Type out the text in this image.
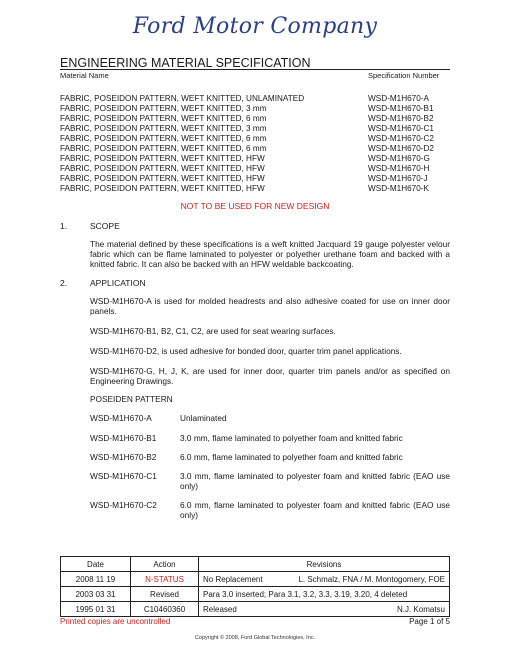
Ford Motor Company
ENGINEERING MATERIAL SPECIFICATION
Material Name	Specification Number
FABRIC, POSEIDON PATTERN, WEFT KNITTED, UNLAMINATED	WSD-M1H670-A
FABRIC, POSEIDON PATTERN, WEFT KNITTED, 3 mm	WSD-M1H670-B1
FABRIC, POSEIDON PATTERN, WEFT KNITTED, 6 mm	WSD-M1H670-B2
FABRIC, POSEIDON PATTERN, WEFT KNITTED, 3 mm	WSD-M1H670-C1
FABRIC, POSEIDON PATTERN, WEFT KNITTED, 6 mm	WSD-M1H670-C2
FABRIC, POSEIDON PATTERN, WEFT KNITTED, 6 mm	WSD-M1H670-D2
FABRIC, POSEIDON PATTERN, WEFT KNITTED, HFW	WSD-M1H670-G
FABRIC, POSEIDON PATTERN, WEFT KNITTED, HFW	WSD-M1H670-H
FABRIC, POSEIDON PATTERN, WEFT KNITTED, HFW	WSD-M1H670-J
FABRIC, POSEIDON PATTERN, WEFT KNITTED, HFW	WSD-M1H670-K
NOT TO BE USED FOR NEW DESIGN
1.	SCOPE

The material defined by these specifications is a weft knitted Jacquard 19 gauge polyester velour fabric which can be flame laminated to polyester or polyether urethane foam and backed with a knitted fabric. It can also be backed with an HFW weldable backcoating.

2.	APPLICATION

WSD-M1H670-A is used for molded headrests and also adhesive coated for use on inner door panels.

WSD-M1H670-B1, B2, C1, C2, are used for seat wearing surfaces.

WSD-M1H670-D2, is used adhesive for bonded door, quarter trim panel applications.

WSD-M1H670-G, H, J, K, are used for inner door, quarter trim panels and/or as specified on Engineering Drawings.

POSEIDEN PATTERN
WSD-M1H670-A	Unlaminated

WSD-M1H670-B1	3.0 mm, flame laminated to polyether foam and knitted fabric

WSD-M1H670-B2	6.0 mm, flame laminated to polyether foam and knitted fabric

WSD-M1H670-C1	3.0 mm, flame laminated to polyester foam and knitted fabric (EAO use only)

WSD-M1H670-C2	6.0 mm, flame laminated to polyester foam and knitted fabric (EAO use only)

Date	Action	Revisions
2008 11 19	N-STATUS	No Replacement L. Schmalz, FNA / M. Montogomery, FOE

2003 03 31	Revised	Para 3.0 inserted; Para 3.1, 3.2, 3.3, 3.19, 3.20, 4 deleted

1995 01 31	C10460360	Released N.J. Komatsu
Printed copies are uncontrolled	Page 1 of 5
Copyright © 2008, Ford Global Technologies, Inc.
